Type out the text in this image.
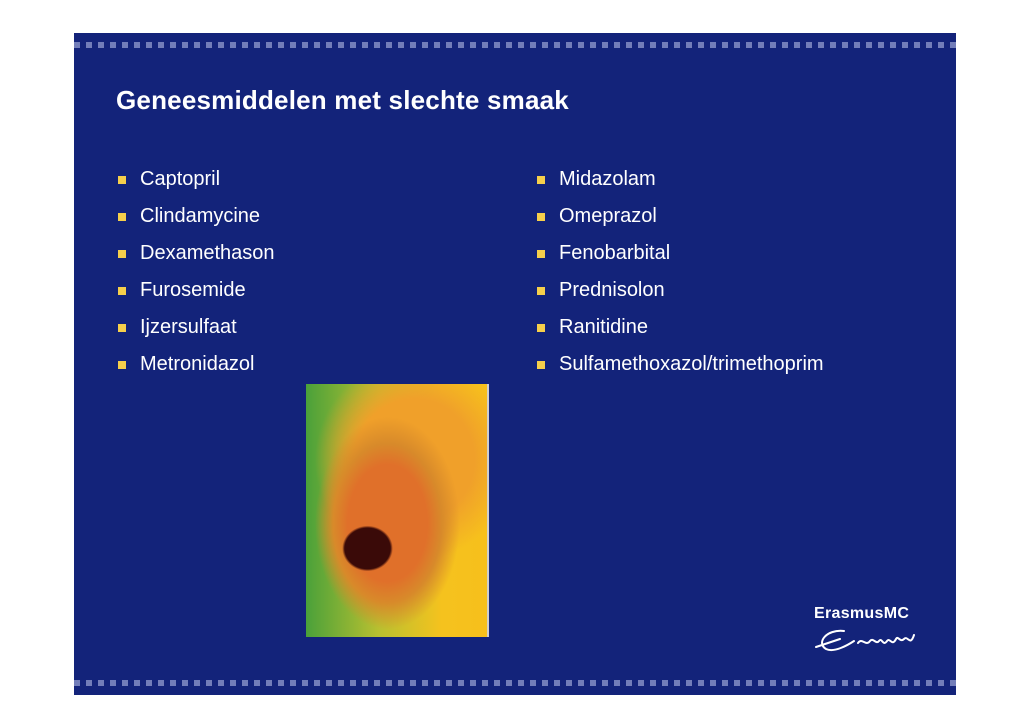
Geneesmiddelen met slechte smaak
Captopril
Clindamycine
Dexamethason
Furosemide
Ijzersulfaat
Metronidazol
Midazolam
Omeprazol
Fenobarbital
Prednisolon
Ranitidine
Sulfamethoxazol/trimethoprim
ErasmusMC
